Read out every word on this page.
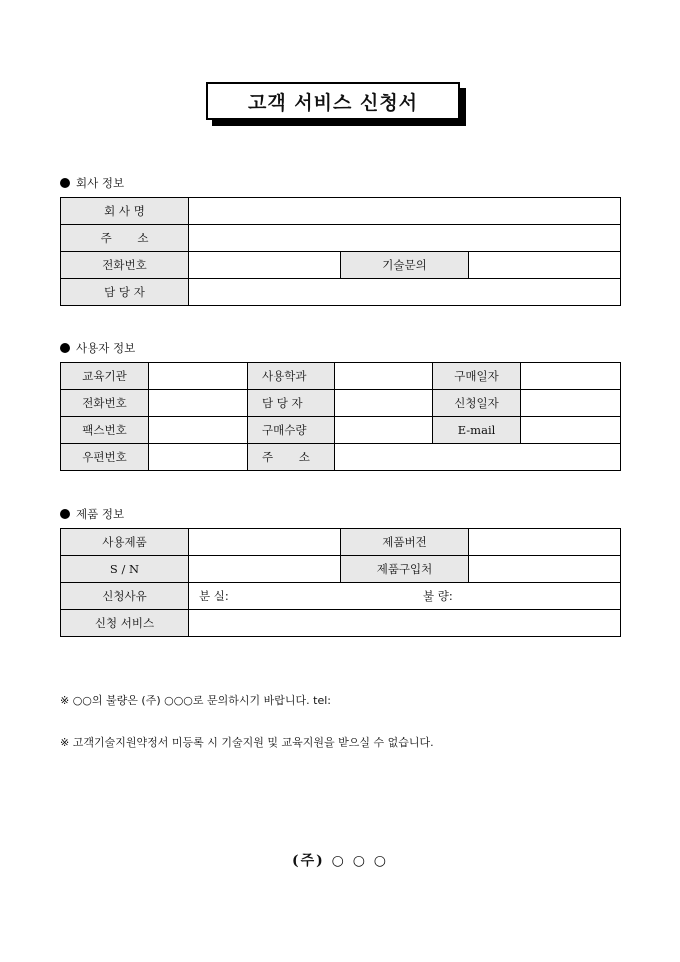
고객 서비스 신청서
회사 정보
회 사 명			
주 소			
전화번호		기술문의	
담 당 자			
사용자 정보
교육기관		사용학과		구매일자	
전화번호		담 당 자		신청일자	
팩스번호		구매수량		E-mail	
우편번호		주 소			
제품 정보
사용제품		제품버전	
S / N		제품구입처	
신청사유	분 실: 불 량:		

신청 서비스			
※ ○○의 불량은 (주) ○○○로 문의하시기 바랍니다. tel:
※ 고객기술지원약정서 미등록 시 기술지원 및 교육지원을 받으실 수 없습니다.
(주) ○ ○ ○
